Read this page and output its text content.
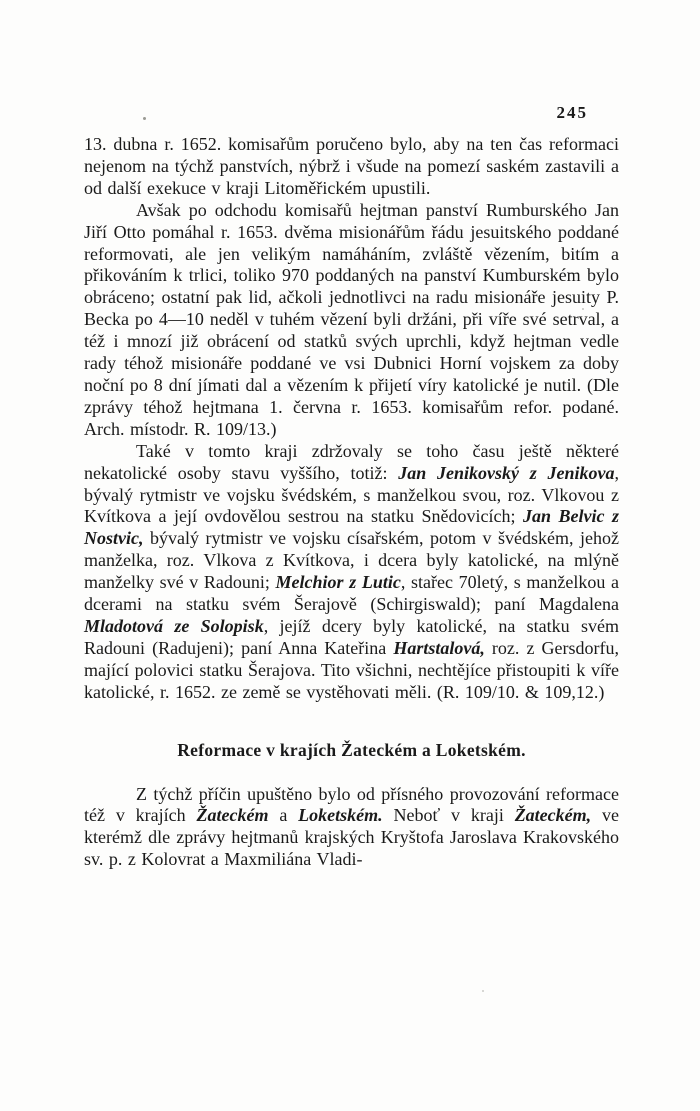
245

13. dubna r. 1652. komisařům poručeno bylo, aby na ten čas reformaci nejenom na týchž panstvích, nýbrž i všude na pomezí saském zastavili a od další exekuce v kraji Litoměřickém upustili.

Avšak po odchodu komisařů hejtman panství Rumburského Jan Jiří Otto pomáhal r. 1653. dvěma misionářům řádu jesuitského poddané reformovati, ale jen velikým namáháním, zvláště vězením, bitím a přikováním k trlici, toliko 970 poddaných na panství Kumburském bylo obráceno; ostatní pak lid, ačkoli jednotlivci na radu misionáře jesuity P. Becka po 4—10 neděl v tuhém vězení byli držáni, při víře své setrval, a též i mnozí již obrácení od statků svých uprchli, když hejtman vedle rady téhož misionáře poddané ve vsi Dubnici Horní vojskem za doby noční po 8 dní jímati dal a vězením k přijetí víry katolické je nutil. (Dle zprávy téhož hejtmana 1. června r. 1653. komisařům refor. podané. Arch. místodr. R. 109/13.)

Také v tomto kraji zdržovaly se toho času ještě některé nekatolické osoby stavu vyššího, totiž: Jan Jenikovský z Jenikova, bývalý rytmistr ve vojsku švédském, s manželkou svou, roz. Vlkovou z Kvítkova a její ovdovělou sestrou na statku Snědovicích; Jan Belvic z Nostvic, bývalý rytmistr ve vojsku císařském, potom v švédském, jehož manželka, roz. Vlkova z Kvítkova, i dcera byly katolické, na mlýně manželky své v Radouni; Melchior z Lutic, stařec 70letý, s manželkou a dcerami na statku svém Šerajově (Schirgiswald); paní Magdalena Mladotová ze Solopisk, jejíž dcery byly katolické, na statku svém Radouni (Radujeni); paní Anna Kateřina Hartstalová, roz. z Gersdorfu, mající polovici statku Šerajova. Tito všichni, nechtějíce přistoupiti k víře katolické, r. 1652. ze země se vystěhovati měli. (R. 109/10. & 109,12.)

Reformace v krajích Žateckém a Loketském.

Z týchž příčin upuštěno bylo od přísného provozování reformace též v krajích Žateckém a Loketském. Neboť v kraji Žateckém, ve kterémž dle zprávy hejtmanů krajských Kryštofa Jaroslava Krakovského sv. p. z Kolovrat a Maxmiliána Vladi-
